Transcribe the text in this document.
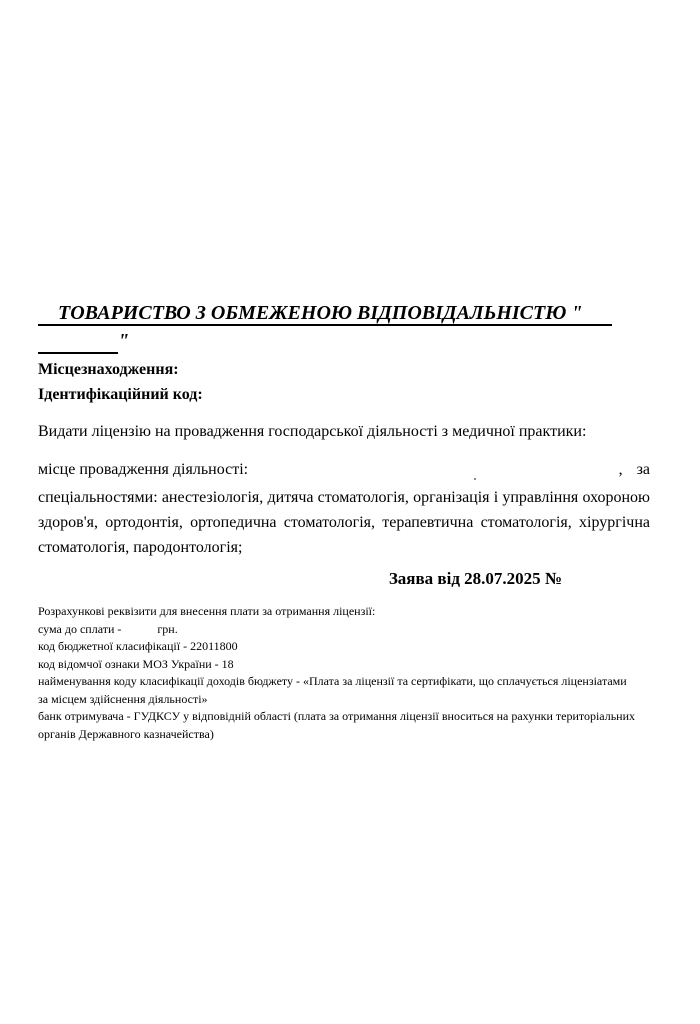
ТОВАРИСТВО З ОБМЕЖЕНОЮ ВІДПОВІДАЛЬНІСТЮ "
"
Місцезнаходження:
Ідентифікаційний код:
Видати ліцензію на провадження господарської діяльності з медичної практики:
місце провадження діяльності:	, за
спеціальностями: анестезіологія, дитяча стоматологія, організація і управління охороною здоров'я, ортодонтія, ортопедична стоматологія, терапевтична стоматологія, хірургічна стоматологія, пародонтологія;
Заява від 28.07.2025 №
Розрахункові реквізити для внесення плати за отримання ліцензії:
сума до сплати -	грн.
код бюджетної класифікації - 22011800
код відомчої ознаки МОЗ України - 18
найменування коду класифікації доходів бюджету - «Плата за ліцензії та сертифікати, що сплачується ліцензіатами за місцем здійснення діяльності»
банк отримувача - ГУДКСУ у відповідній області (плата за отримання ліцензії вноситься на рахунки територіальних органів Державного казначейства)
